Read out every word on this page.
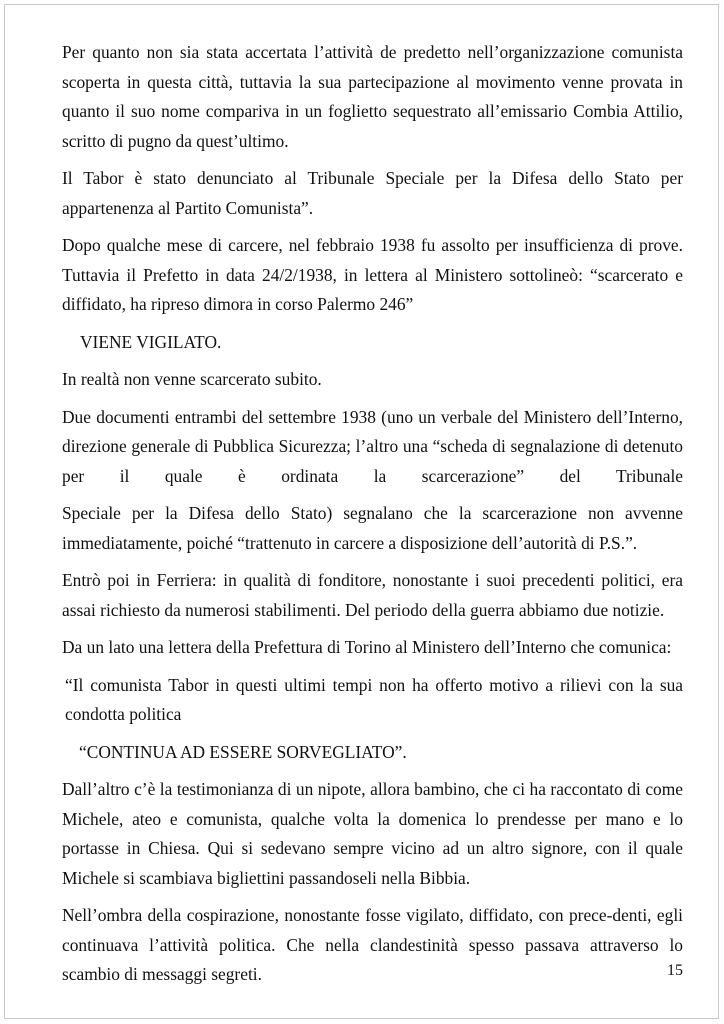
Per quanto non sia stata accertata l’attività de predetto nell’organizzazione comunista scoperta in questa città, tuttavia la sua partecipazione al movimento venne provata in quanto il suo nome compariva in un foglietto sequestrato all’emissario Combia Attilio, scritto di pugno da quest’ultimo.

Il Tabor è stato denunciato al Tribunale Speciale per la Difesa dello Stato per appartenenza al Partito Comunista”.

Dopo qualche mese di carcere, nel febbraio 1938 fu assolto per insufficienza di prove. Tuttavia il Prefetto in data 24/2/1938, in lettera al Ministero sottolineò: “scarcerato e diffidato, ha ripreso dimora in corso Palermo 246”

VIENE VIGILATO.

In realtà non venne scarcerato subito.

Due documenti entrambi del settembre 1938 (uno un verbale del Ministero dell’Interno, direzione generale di Pubblica Sicurezza; l’altro una “scheda di segnalazione di detenuto per il quale è ordinata la scarcerazione” del Tribunale

Speciale per la Difesa dello Stato) segnalano che la scarcerazione non avvenne immediatamente, poiché “trattenuto in carcere a disposizione dell’autorità di P.S.”.

Entrò poi in Ferriera: in qualità di fonditore, nonostante i suoi precedenti politici, era assai richiesto da numerosi stabilimenti. Del periodo della guerra abbiamo due notizie.

Da un lato una lettera della Prefettura di Torino al Ministero dell’Interno che comunica:

“Il comunista Tabor in questi ultimi tempi non ha offerto motivo a rilievi con la sua condotta politica

“CONTINUA AD ESSERE SORVEGLIATO”.

Dall’altro c’è la testimonianza di un nipote, allora bambino, che ci ha raccontato di come Michele, ateo e comunista, qualche volta la domenica lo prendesse per mano e lo portasse in Chiesa. Qui si sedevano sempre vicino ad un altro signore, con il quale Michele si scambiava bigliettini passandoseli nella Bibbia.

Nell’ombra della cospirazione, nonostante fosse vigilato, diffidato, con prece-denti, egli continuava l’attività politica. Che nella clandestinità spesso passava attraverso lo scambio di messaggi segreti.	15
